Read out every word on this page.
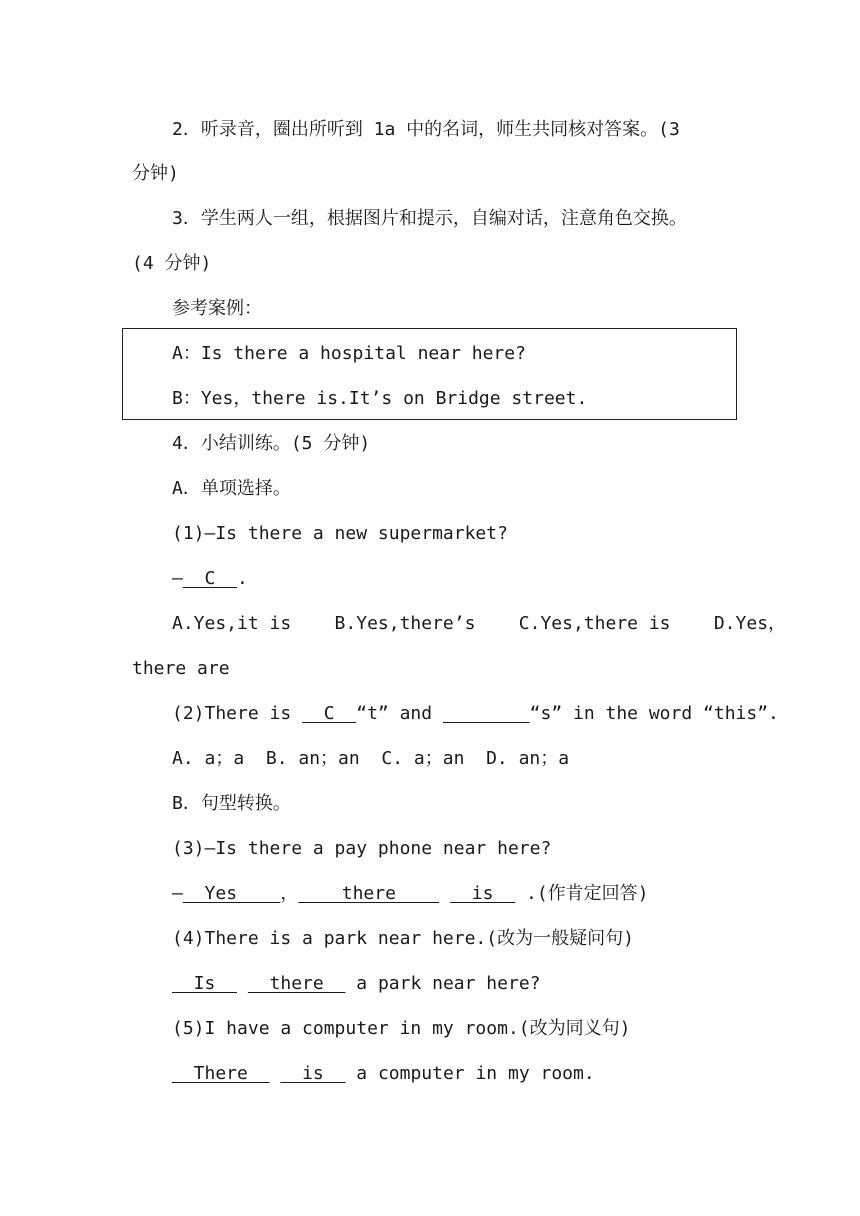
2．听录音，圈出所听到 1a 中的名词，师生共同核对答案。(3
分钟)
3．学生两人一组，根据图片和提示，自编对话，注意角色交换。
(4 分钟)
参考案例：
A：Is there a hospital near here?
B：Yes，there is.It’s on Bridge street.
4．小结训练。(5 分钟)
A．单项选择。
(1)—Is there a new supermarket?
—  C  .
A.Yes,it is    B.Yes,there’s    C.Yes,there is    D.Yes，
there are
(2)There is   C  “t” and	“s” in the word “this”.
A. a；a  B. an；an  C. a；an  D. an；a
B．句型转换。
(3)—Is there a pay phone near here?
—  Yes    ，    there       is   .(作肯定回答)
(4)There is a park near here.(改为一般疑问句)
Is     there   a park near here?
(5)I have a computer in my room.(改为同义句)
There     is   a computer in my room.
